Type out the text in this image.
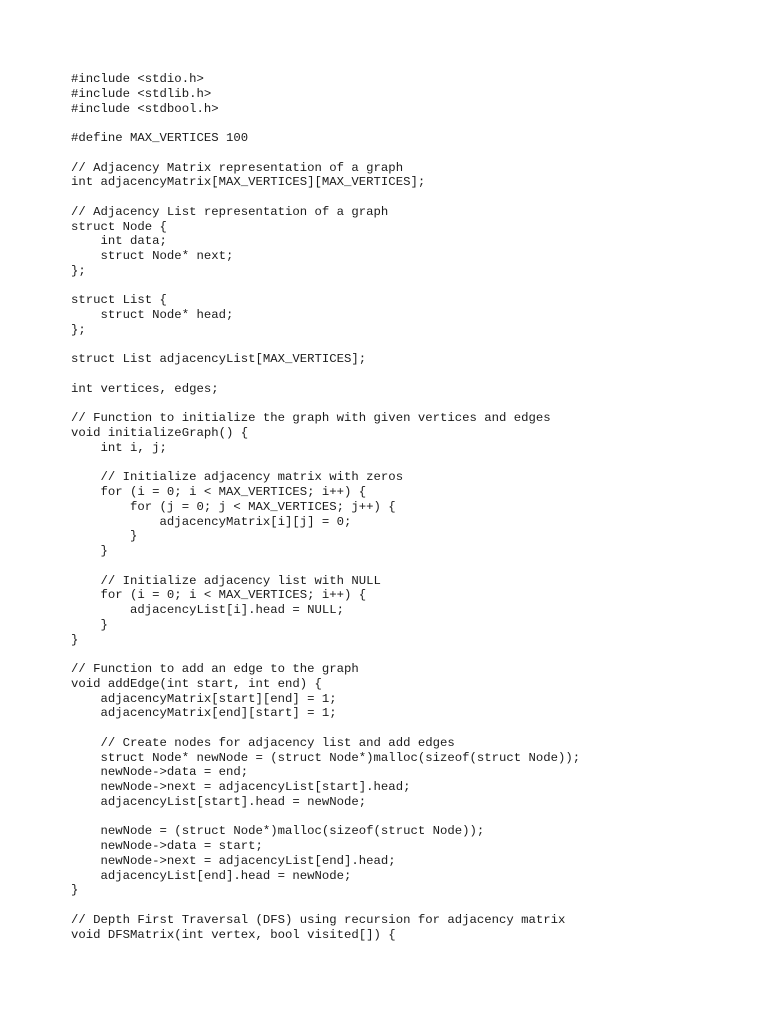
#include <stdio.h>
#include <stdlib.h>
#include <stdbool.h>
#define MAX_VERTICES 100
// Adjacency Matrix representation of a graph
int adjacencyMatrix[MAX_VERTICES][MAX_VERTICES];
// Adjacency List representation of a graph
struct Node {
int data;
struct Node* next;
};
struct List {
struct Node* head;
};
struct List adjacencyList[MAX_VERTICES];
int vertices, edges;
// Function to initialize the graph with given vertices and edges
void initializeGraph() {
int i, j;
// Initialize adjacency matrix with zeros
for (i = 0; i < MAX_VERTICES; i++) {
for (j = 0; j < MAX_VERTICES; j++) {
adjacencyMatrix[i][j] = 0;
}
}
// Initialize adjacency list with NULL
for (i = 0; i < MAX_VERTICES; i++) {
adjacencyList[i].head = NULL;
}
}
// Function to add an edge to the graph
void addEdge(int start, int end) {
adjacencyMatrix[start][end] = 1;
adjacencyMatrix[end][start] = 1;
// Create nodes for adjacency list and add edges
struct Node* newNode = (struct Node*)malloc(sizeof(struct Node));
newNode->data = end;
newNode->next = adjacencyList[start].head;
adjacencyList[start].head = newNode;
newNode = (struct Node*)malloc(sizeof(struct Node));
newNode->data = start;
newNode->next = adjacencyList[end].head;
adjacencyList[end].head = newNode;
}
// Depth First Traversal (DFS) using recursion for adjacency matrix
void DFSMatrix(int vertex, bool visited[]) {
